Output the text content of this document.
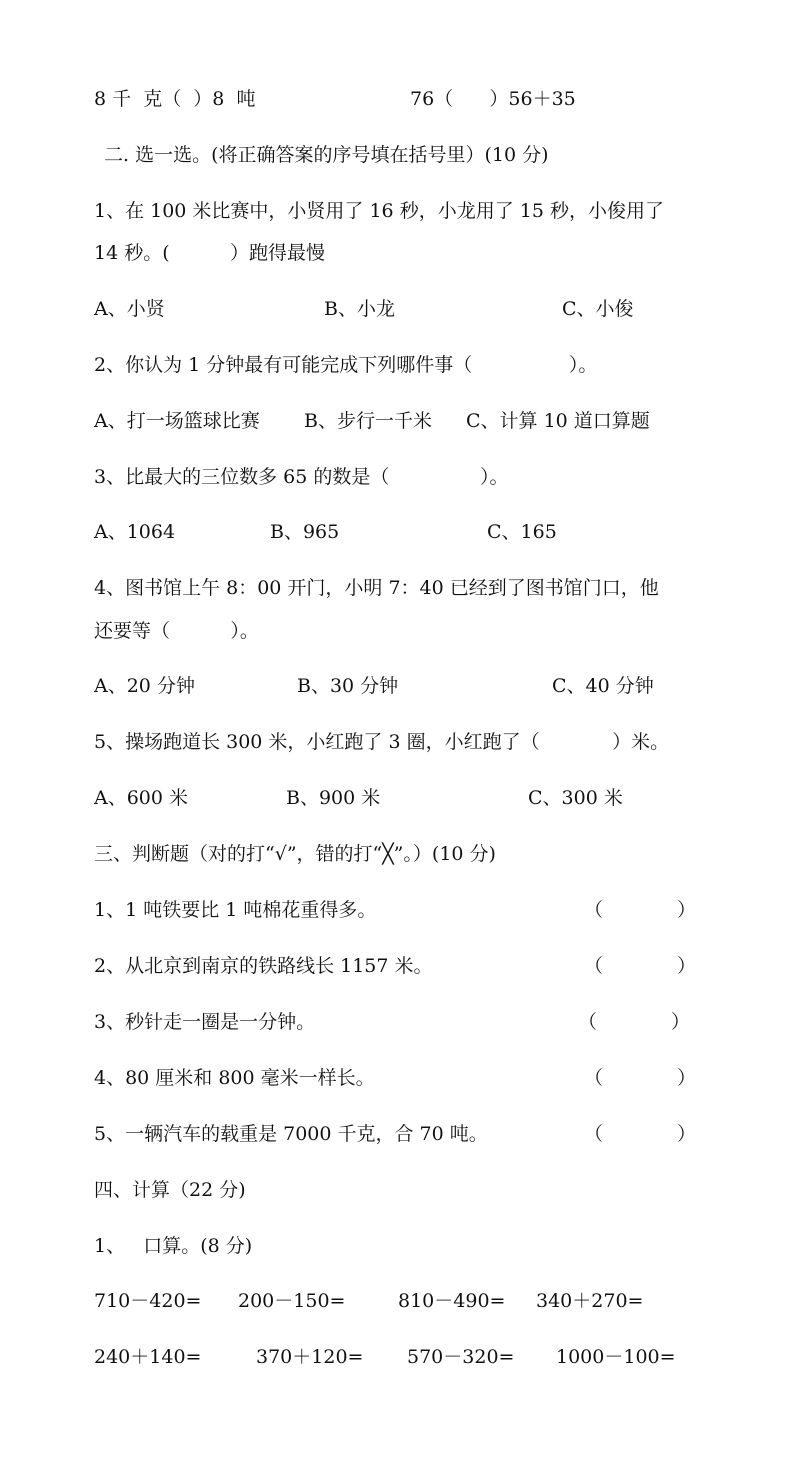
8 千  克（  ）8  吨	76（      ）56＋35
二. 选一选。(将正确答案的序号填在括号里）(10 分)
1、在 100 米比赛中，小贤用了 16 秒，小龙用了 15 秒，小俊用了
14 秒。(          ）跑得最慢
A、小贤	B、小龙	C、小俊
2、你认为 1 分钟最有可能完成下列哪件事（                ）。
A、打一场篮球比赛 B、步行一千米 C、计算 10 道口算题
3、比最大的三位数多 65 的数是（               ）。
A、1064	B、965	C、165
4、图书馆上午 8：00 开门，小明 7：40 已经到了图书馆门口，他
还要等（          ）。
A、20 分钟	B、30 分钟	C、40 分钟
5、操场跑道长 300 米，小红跑了 3 圈，小红跑了（            ）米。
A、600 米	B、900 米	C、300 米
三、判断题（对的打“√”，错的打“╳”。）(10 分)
1、1 吨铁要比 1 吨棉花重得多。	（	）
2、从北京到南京的铁路线长 1157 米。	（	）
3、秒针走一圈是一分钟。	（	）
4、80 厘米和 800 毫米一样长。	（	）
5、一辆汽车的载重是 7000 千克，合 70 吨。	（	）
四、计算（22 分)
1、   口算。(8 分)
710－420= 200－150=	810－490= 340＋270=
240＋140=	370＋120= 570－320= 1000－100=
